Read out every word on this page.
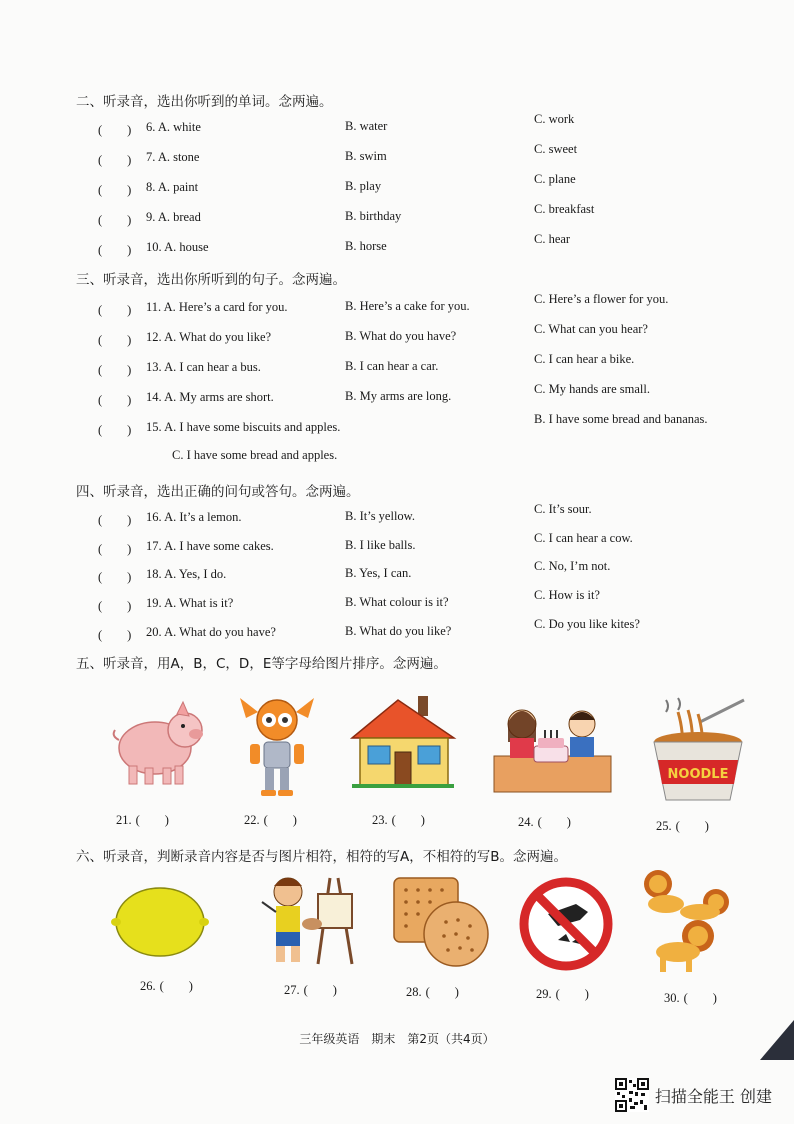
二、听录音，选出你听到的单词。念两遍。
(　　) 6. A. white	B. water	C. work
(　　) 7. A. stone	B. swim	C. sweet
(　　) 8. A. paint	B. play	C. plane
(　　) 9. A. bread	B. birthday	C. breakfast
(　　) 10. A. house	B. horse	C. hear
三、听录音，选出你所听到的句子。念两遍。
(　　) 11. A. Here’s a card for you.	B. Here’s a cake for you.	C. Here’s a flower for you.
(　　) 12. A. What do you like?	B. What do you have?	C. What can you hear?
(　　) 13. A. I can hear a bus.	B. I can hear a car.	C. I can hear a bike.
(　　) 14. A. My arms are short.	B. My arms are long.	C. My hands are small.
(　　) 15. A. I have some biscuits and apples.
B. I have some bread and bananas.
C. I have some bread and apples.
四、听录音，选出正确的问句或答句。念两遍。
(　　) 16. A. It’s a lemon.	B. It’s yellow.	C. It’s sour.
(　　) 17. A. I have some cakes.	B. I like balls.	C. I can hear a cow.
(　　) 18. A. Yes, I do.	B. Yes, I can.	C. No, I’m not.
(　　) 19. A. What is it?	B. What colour is it?	C. How is it?
(　　) 20. A. What do you have?	B. What do you like?	C. Do you like kites?
五、听录音，用A，B，C，D，E等字母给图片排序。念两遍。
六、听录音，判断录音内容是否与图片相符，相符的写A，不相符的写B。念两遍。
21. (　　)	22. (　　)	23. (　　)	24. (　　)	25. (　　)
26. (　　)	27. (　　)	28. (　　)	29. (　　)	30. (　　)
三年级英语　期末　第2页（共4页）
扫描全能王 创建
NOODLE
